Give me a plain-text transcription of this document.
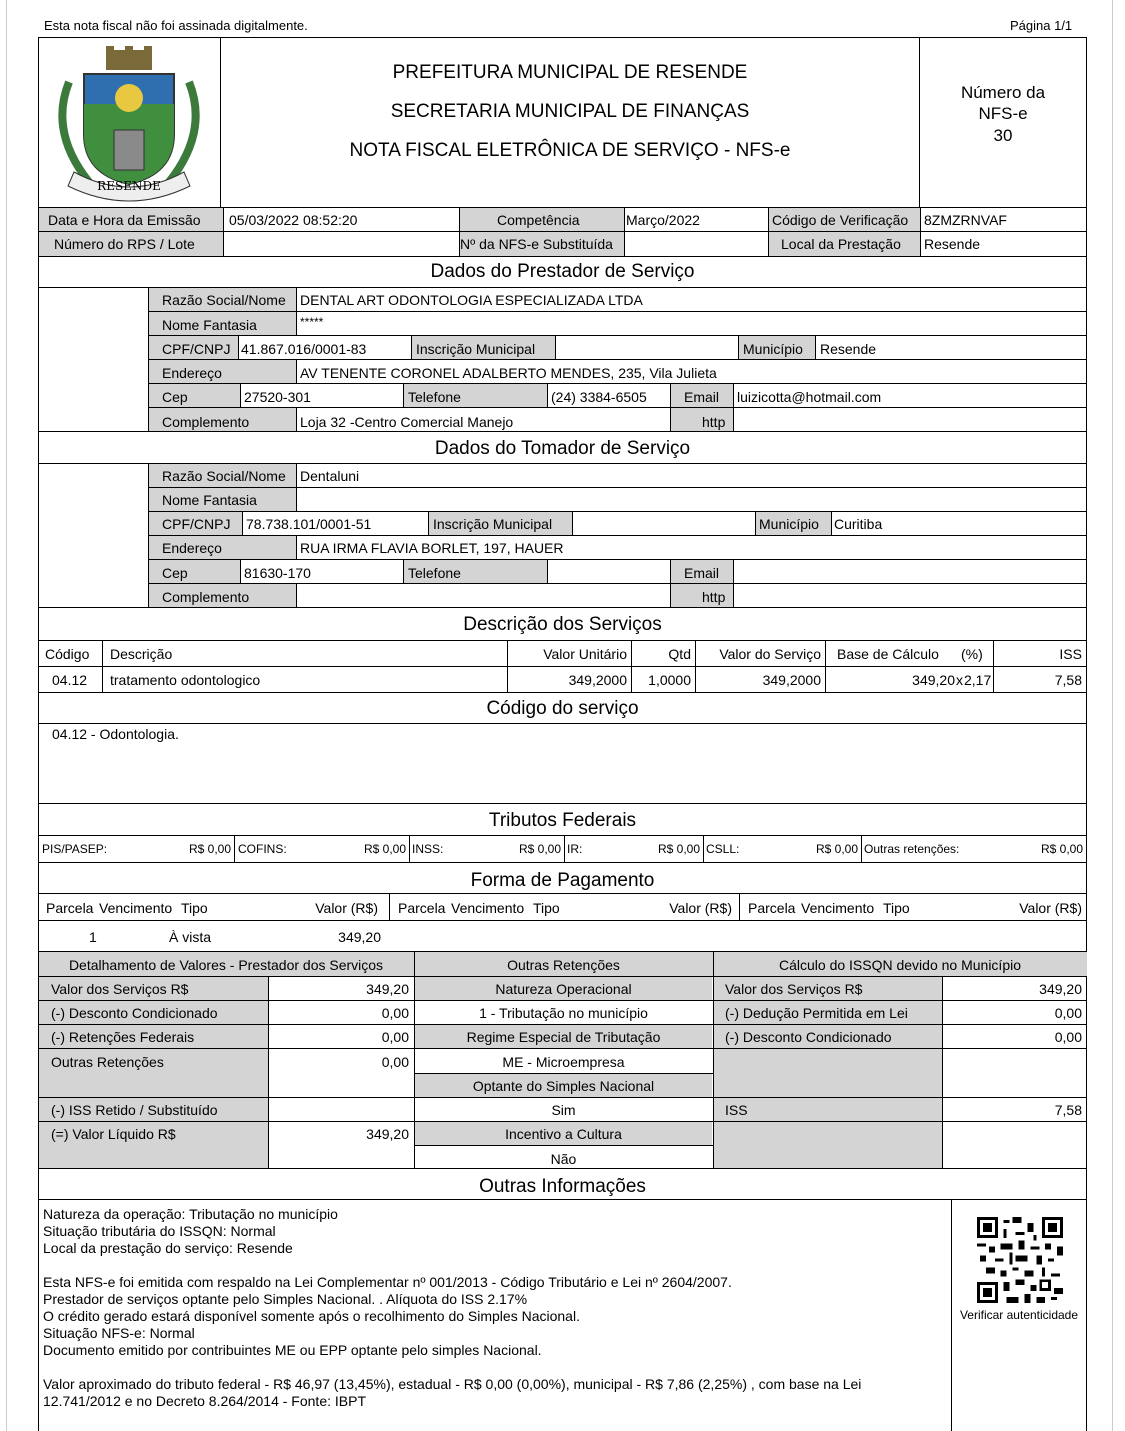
Esta nota fiscal não foi assinada digitalmente.	Página 1/1
RESENDE
PREFEITURA MUNICIPAL DE RESENDE
SECRETARIA MUNICIPAL DE FINANÇAS
NOTA FISCAL ELETRÔNICA DE SERVIÇO - NFS-e
Número da
NFS-e
30
Data e Hora da Emissão 05/03/2022 08:52:20	Competência	Março/2022	Código de Verificação 8ZMZRNVAF
Número do RPS / Lote	Nº da NFS-e Substituída	Local da Prestação Resende
Dados do Prestador de Serviço
Razão Social/Nome DENTAL ART ODONTOLOGIA ESPECIALIZADA LTDA
Nome Fantasia	*****
CPF/CNPJ 41.867.016/0001-83	Inscrição Municipal	Município Resende
Endereço	AV TENENTE CORONEL ADALBERTO MENDES, 235, Vila Julieta
Cep	27520-301	Telefone	(24) 3384-6505	Email luizicotta@hotmail.com
Complemento	Loja 32 -Centro Comercial Manejo	http
Dados do Tomador de Serviço
Razão Social/Nome Dentaluni
Nome Fantasia
CPF/CNPJ 78.738.101/0001-51	Inscrição Municipal	Município Curitiba
Endereço	RUA IRMA FLAVIA BORLET, 197, HAUER
Cep	81630-170	Telefone	Email
Complemento	http
Descrição dos Serviços
Código Descrição	Valor Unitário	Qtd	Valor do Serviço Base de Cálculo (%)	ISS
04.12 tratamento odontologico	349,2000	1,0000	349,2000	349,20 x 2,17	7,58
Código do serviço
04.12 - Odontologia.
Tributos Federais
PIS/PASEP:	R$ 0,00 COFINS:	R$ 0,00 INSS:	R$ 0,00 IR:	R$ 0,00 CSLL:	R$ 0,00 Outras retenções:	R$ 0,00
Forma de Pagamento
Parcela Vencimento Tipo	Valor (R$) Parcela Vencimento Tipo	Valor (R$) Parcela Vencimento Tipo	Valor (R$)
1	À vista	349,20
Detalhamento de Valores - Prestador dos Serviços	Outras Retenções	Cálculo do ISSQN devido no Município
Valor dos Serviços R$	349,20
(-) Desconto Condicionado	0,00
(-) Retenções Federais	0,00
Outras Retenções	0,00
(-) ISS Retido / Substituído
(=) Valor Líquido R$	349,20
Natureza Operacional
1 - Tributação no município
Regime Especial de Tributação
ME - Microempresa
Optante do Simples Nacional
Sim
Incentivo a Cultura
Não
Valor dos Serviços R$	349,20
(-) Dedução Permitida em Lei	0,00
(-) Desconto Condicionado	0,00
ISS	7,58
Outras Informações
Natureza da operação: Tributação no município
Situação tributária do ISSQN: Normal
Local da prestação do serviço: Resende
Esta NFS-e foi emitida com respaldo na Lei Complementar nº 001/2013 - Código Tributário e Lei nº 2604/2007.
Prestador de serviços optante pelo Simples Nacional. . Alíquota do ISS 2.17%
O crédito gerado estará disponível somente após o recolhimento do Simples Nacional.
Situação NFS-e: Normal
Documento emitido por contribuintes ME ou EPP optante pelo simples Nacional.
Valor aproximado do tributo federal - R$ 46,97 (13,45%), estadual - R$ 0,00 (0,00%), municipal - R$ 7,86 (2,25%) , com base na Lei
12.741/2012 e no Decreto 8.264/2014 - Fonte: IBPT
Verificar autenticidade
